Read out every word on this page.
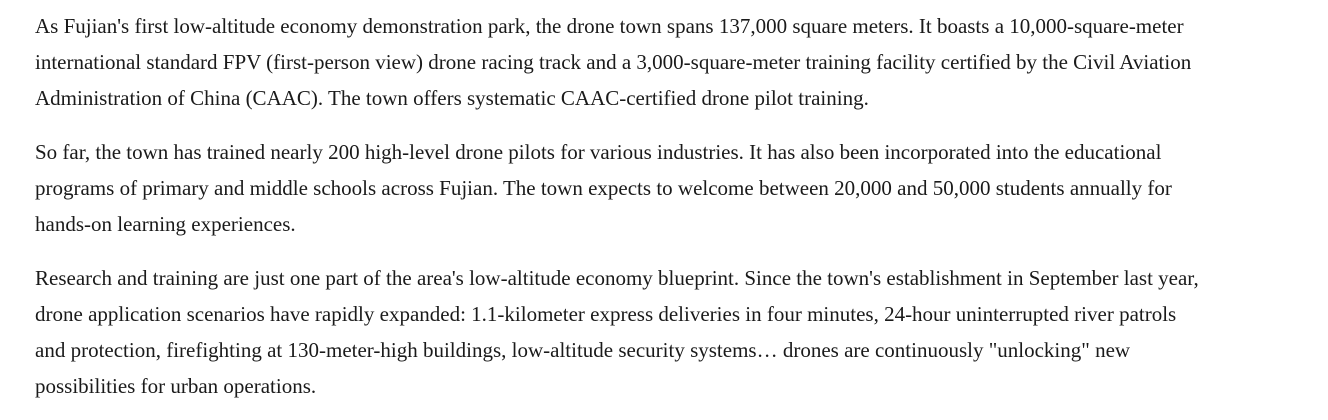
As Fujian's first low-altitude economy demonstration park, the drone town spans 137,000 square meters. It boasts a 10,000-square-meter
international standard FPV (first-person view) drone racing track and a 3,000-square-meter training facility certified by the Civil Aviation
Administration of China (CAAC). The town offers systematic CAAC-certified drone pilot training.

So far, the town has trained nearly 200 high-level drone pilots for various industries. It has also been incorporated into the educational
programs of primary and middle schools across Fujian. The town expects to welcome between 20,000 and 50,000 students annually for
hands-on learning experiences.

Research and training are just one part of the area's low-altitude economy blueprint. Since the town's establishment in September last year,
drone application scenarios have rapidly expanded: 1.1-kilometer express deliveries in four minutes, 24-hour uninterrupted river patrols
and protection, firefighting at 130-meter-high buildings, low-altitude security systems… drones are continuously "unlocking" new
possibilities for urban operations.
